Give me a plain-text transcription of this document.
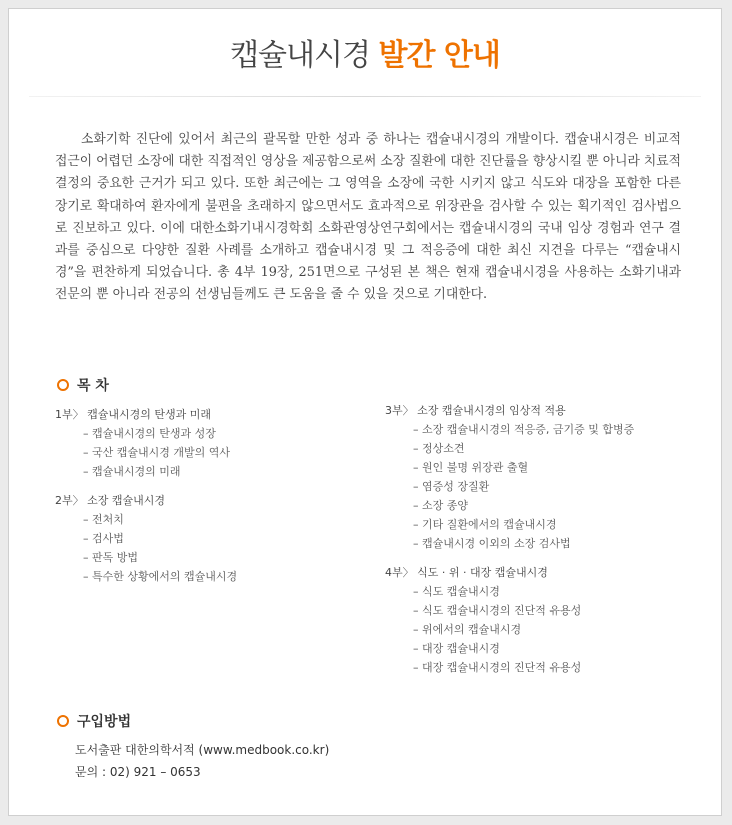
캡슐내시경 발간 안내

소화기학 진단에 있어서 최근의 괄목할 만한 성과 중 하나는 캡슐내시경의 개발이다. 캡슐내시경은 비교적 접근이 어렵던 소장에 대한 직접적인 영상을 제공함으로써 소장 질환에 대한 진단률을 향상시킬 뿐 아니라 치료적 결정의 중요한 근거가 되고 있다. 또한 최근에는 그 영역을 소장에 국한 시키지 않고 식도와 대장을 포함한 다른 장기로 확대하여 환자에게 불편을 초래하지 않으면서도 효과적으로 위장관을 검사할 수 있는 획기적인 검사법으로 진보하고 있다. 이에 대한소화기내시경학회 소화관영상연구회에서는 캡슐내시경의 국내 임상 경험과 연구 결과를 중심으로 다양한 질환 사례를 소개하고 캡슐내시경 및 그 적응증에 대한 최신 지견을 다루는 “캡슐내시경”을 편찬하게 되었습니다. 총 4부 19장, 251면으로 구성된 본 책은 현재 캡슐내시경을 사용하는 소화기내과 전문의 뿐 아니라 전공의 선생님들께도 큰 도움을 줄 수 있을 것으로 기대한다.

목 차
1부〉 캡슐내시경의 탄생과 미래
– 캡슐내시경의 탄생과 성장
– 국산 캡슐내시경 개발의 역사
– 캡슐내시경의 미래
2부〉 소장 캡슐내시경
– 전처치
– 검사법
– 판독 방법
– 특수한 상황에서의 캡슐내시경
3부〉 소장 캡슐내시경의 임상적 적용
– 소장 캡슐내시경의 적응증, 금기증 및 합병증
– 정상소견
– 원인 불명 위장관 출혈
– 염증성 장질환
– 소장 종양
– 기타 질환에서의 캡슐내시경
– 캡슐내시경 이외의 소장 검사법
4부〉 식도 · 위 · 대장 캡슐내시경
– 식도 캡슐내시경
– 식도 캡슐내시경의 진단적 유용성
– 위에서의 캡슐내시경
– 대장 캡슐내시경
– 대장 캡슐내시경의 진단적 유용성
구입방법
도서출판 대한의학서적 (www.medbook.co.kr)
문의 : 02) 921 – 0653
